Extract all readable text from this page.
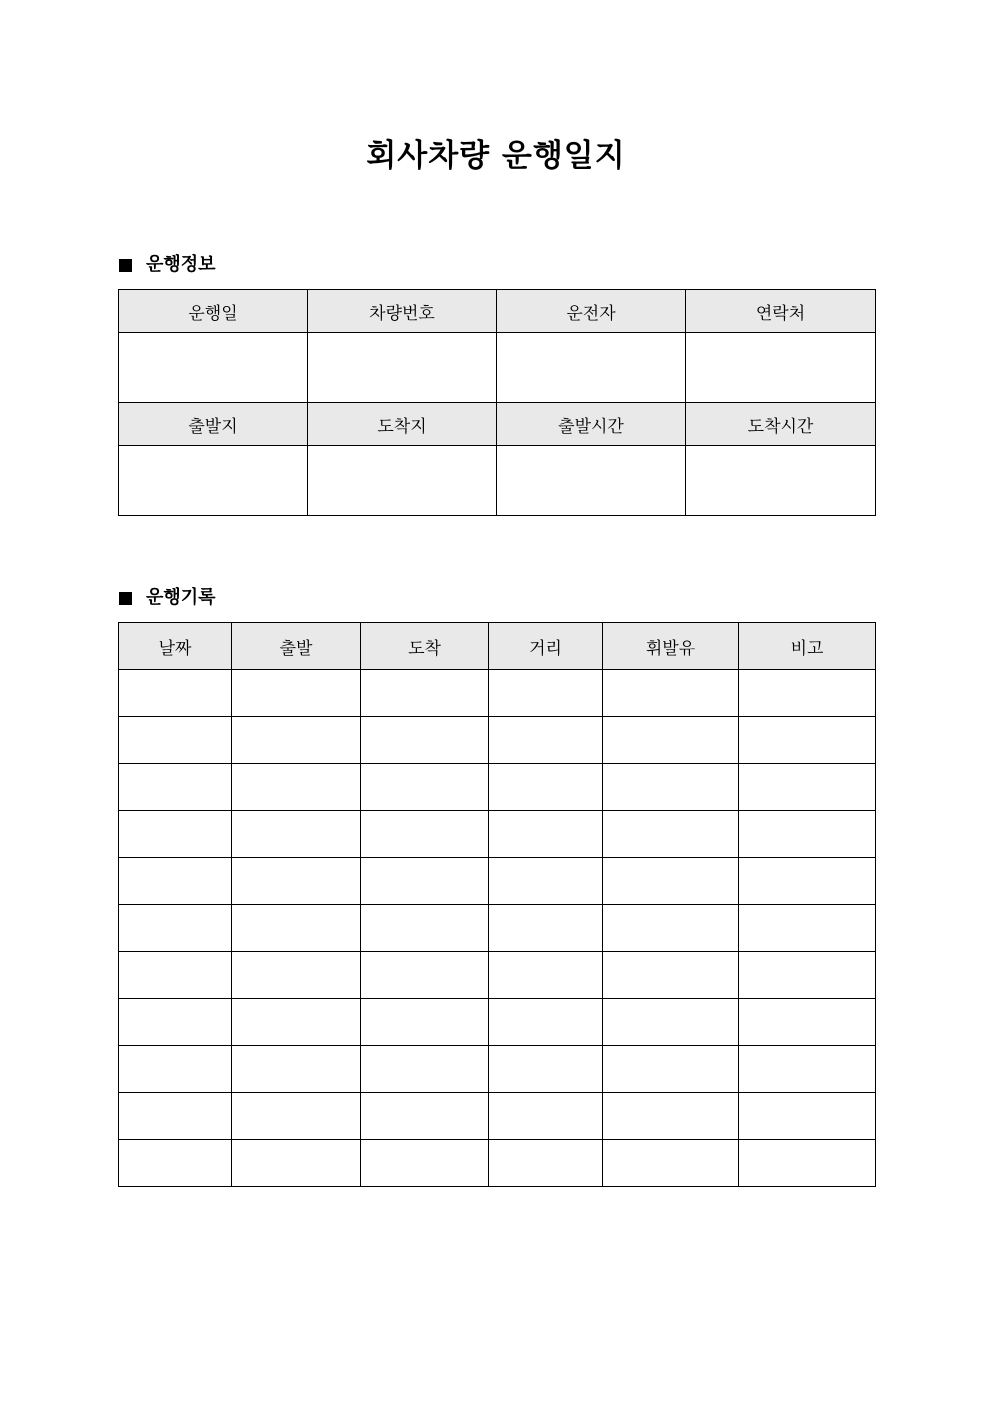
회사차량 운행일지
운행정보
운행일	차량번호	운전자	연락처

출발지	도착지	출발시간	도착시간

운행기록
날짜	출발	도착	거리	휘발유	비고
